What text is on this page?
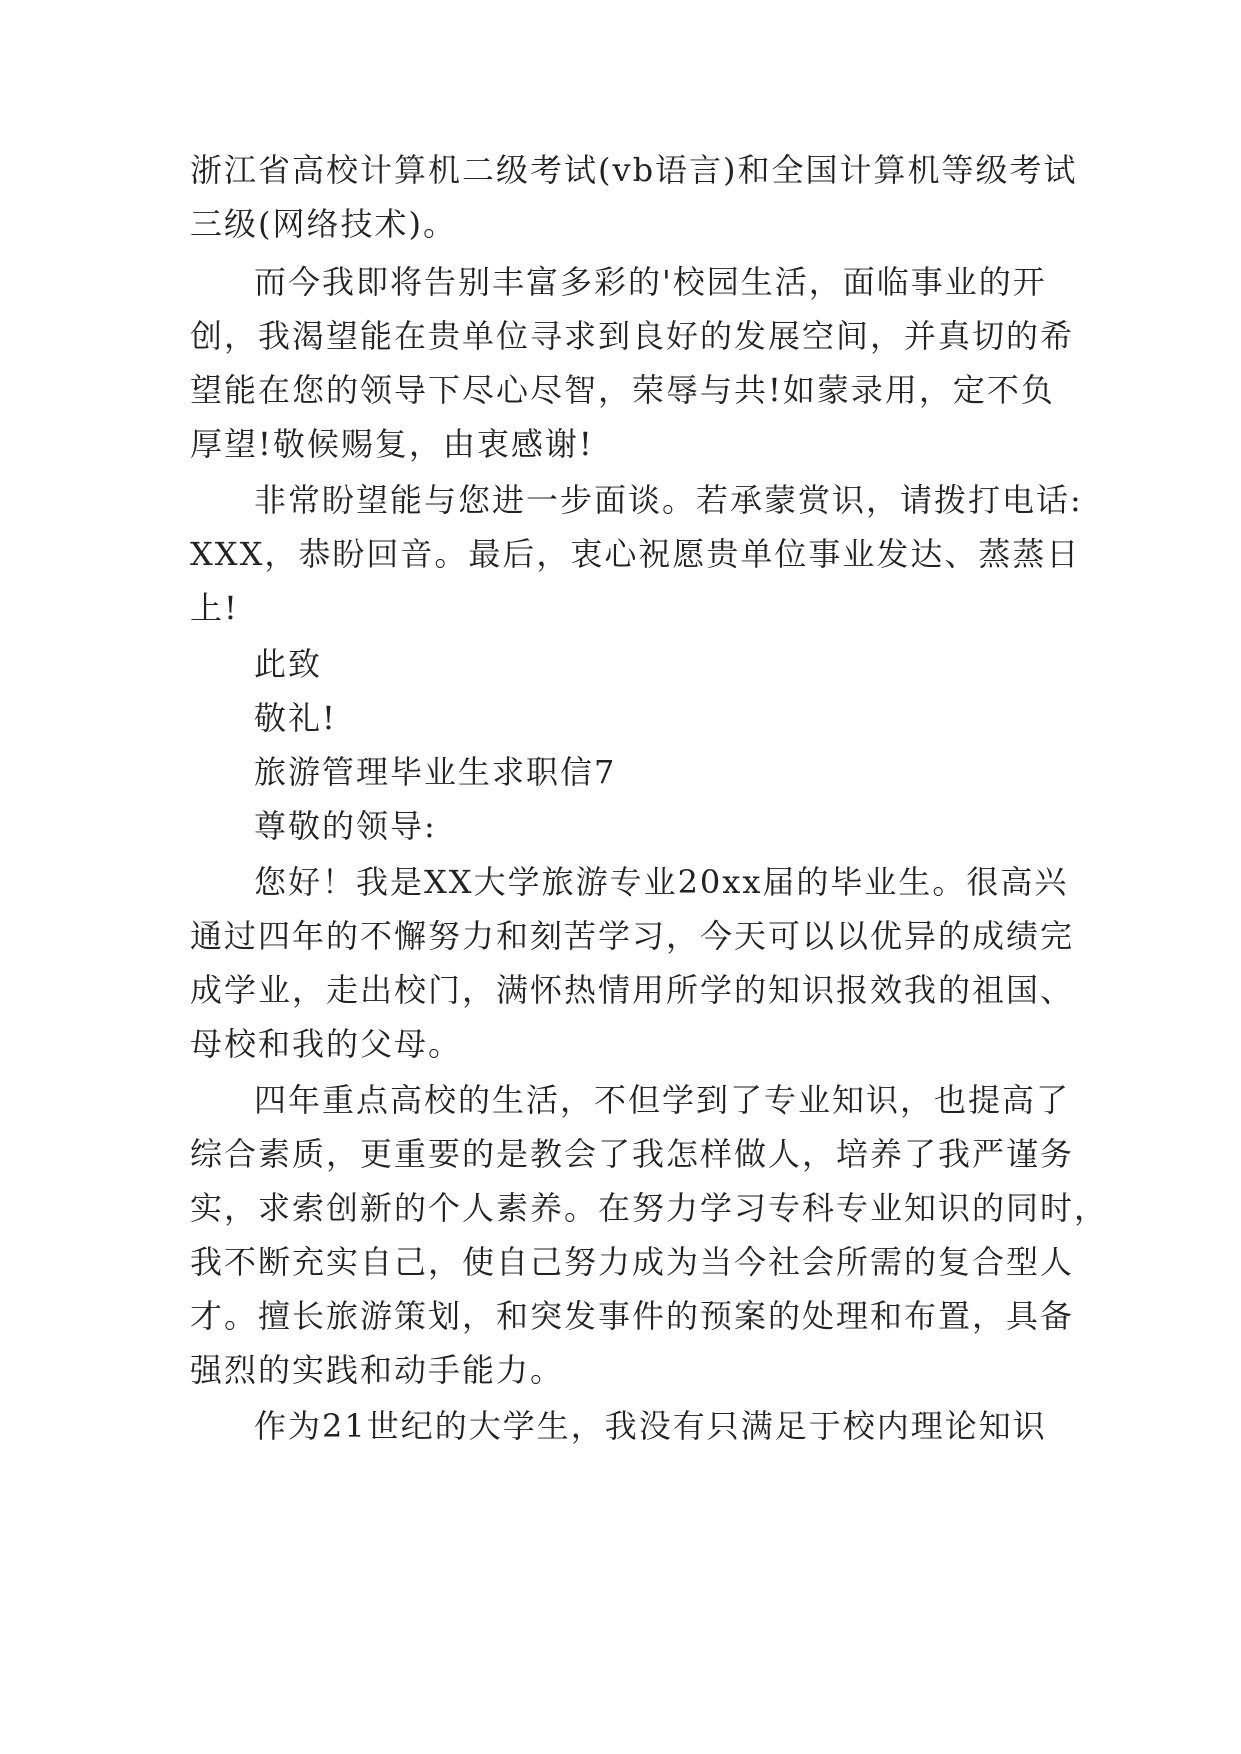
浙江省高校计算机二级考试(vb语言)和全国计算机等级考试
三级(网络技术)。
而今我即将告别丰富多彩的'校园生活，面临事业的开
创，我渴望能在贵单位寻求到良好的发展空间，并真切的希
望能在您的领导下尽心尽智，荣辱与共!如蒙录用，定不负
厚望!敬候赐复，由衷感谢!
非常盼望能与您进一步面谈。若承蒙赏识，请拨打电话:
XXX，恭盼回音。最后，衷心祝愿贵单位事业发达、蒸蒸日
上!
此致
敬礼!
旅游管理毕业生求职信7
尊敬的领导:
您好！我是XX大学旅游专业20xx届的毕业生。很高兴
通过四年的不懈努力和刻苦学习，今天可以以优异的成绩完
成学业，走出校门，满怀热情用所学的知识报效我的祖国、
母校和我的父母。
四年重点高校的生活，不但学到了专业知识，也提高了
综合素质，更重要的是教会了我怎样做人，培养了我严谨务
实，求索创新的个人素养。在努力学习专科专业知识的同时，
我不断充实自己，使自己努力成为当今社会所需的复合型人
才。擅长旅游策划，和突发事件的预案的处理和布置，具备
强烈的实践和动手能力。
作为21世纪的大学生，我没有只满足于校内理论知识
